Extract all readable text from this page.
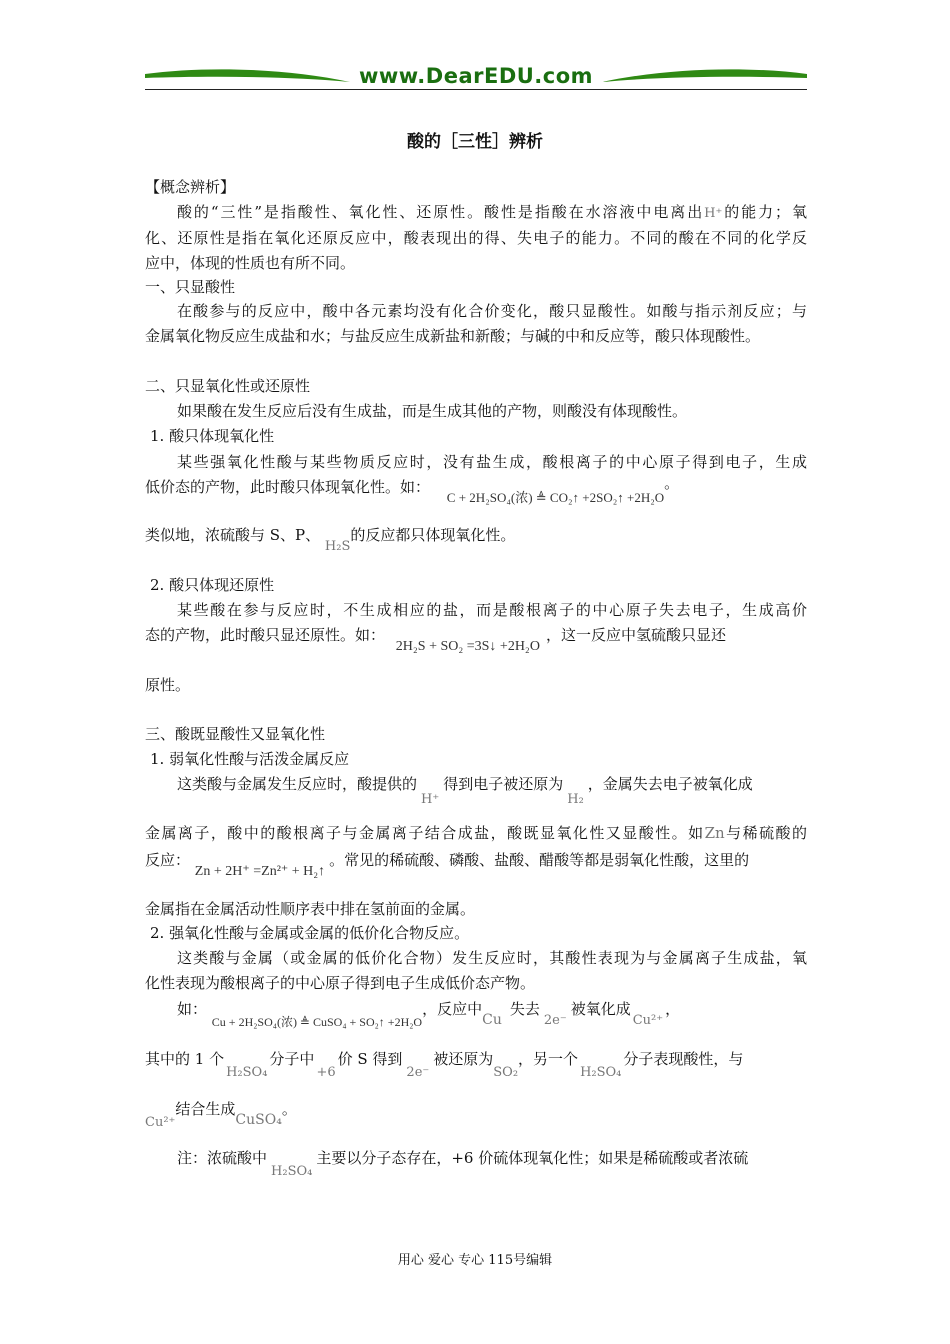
www.DearEDU.com
酸的［三性］辨析
【概念辨析】
酸的“三性”是指酸性、氧化性、还原性。酸性是指酸在水溶液中电离出H⁺的能力；氧
化、还原性是指在氧化还原反应中，酸表现出的得、失电子的能力。不同的酸在不同的化学反
应中，体现的性质也有所不同。
一、只显酸性
在酸参与的反应中，酸中各元素均没有化合价变化，酸只显酸性。如酸与指示剂反应；与
金属氧化物反应生成盐和水；与盐反应生成新盐和新酸；与碱的中和反应等，酸只体现酸性。
二、只显氧化性或还原性
如果酸在发生反应后没有生成盐，而是生成其他的产物，则酸没有体现酸性。
1. 酸只体现氧化性
某些强氧化性酸与某些物质反应时，没有盐生成，酸根离子的中心原子得到电子，生成
低价态的产物，此时酸只体现氧化性。如： C + 2H₂SO₄(浓) ≜ CO₂↑ +2SO₂↑ +2H₂O。
类似地，浓硫酸与 S、P、 H₂S的反应都只体现氧化性。
2. 酸只体现还原性
某些酸在参与反应时，不生成相应的盐，而是酸根离子的中心原子失去电子，生成高价
态的产物，此时酸只显还原性。如： 2H₂S + SO₂ =3S↓ +2H₂O，这一反应中氢硫酸只显还
原性。
三、酸既显酸性又显氧化性
1. 弱氧化性酸与活泼金属反应
这类酸与金属发生反应时，酸提供的H⁺得到电子被还原为H₂，金属失去电子被氧化成
金属离子，酸中的酸根离子与金属离子结合成盐，酸既显氧化性又显酸性。如Zn与稀硫酸的
反应： Zn + 2H⁺ =Zn²⁺ + H₂↑。常见的稀硫酸、磷酸、盐酸、醋酸等都是弱氧化性酸，这里的
金属指在金属活动性顺序表中排在氢前面的金属。
2. 强氧化性酸与金属或金属的低价化合物反应。
这类酸与金属（或金属的低价化合物）发生反应时，其酸性表现为与金属离子生成盐，氧
化性表现为酸根离子的中心原子得到电子生成低价态产物。
如： $_{Cu + 2H_2SO_4(浓) ≜ CuSO_4 + SO_2↑ +2H_2O}$，反应中Cu失去2e⁻被氧化成Cu²⁺，
其中的 1 个H₂SO₄分子中+6价 S 得到2e⁻被还原为SO₂，另一个H₂SO₄分子表现酸性，与
Cu²⁺结合生成CuSO₄。
注：浓硫酸中H₂SO₄主要以分子态存在，+6 价硫体现氧化性；如果是稀硫酸或者浓硫
用心 爱心 专心 115号编辑
